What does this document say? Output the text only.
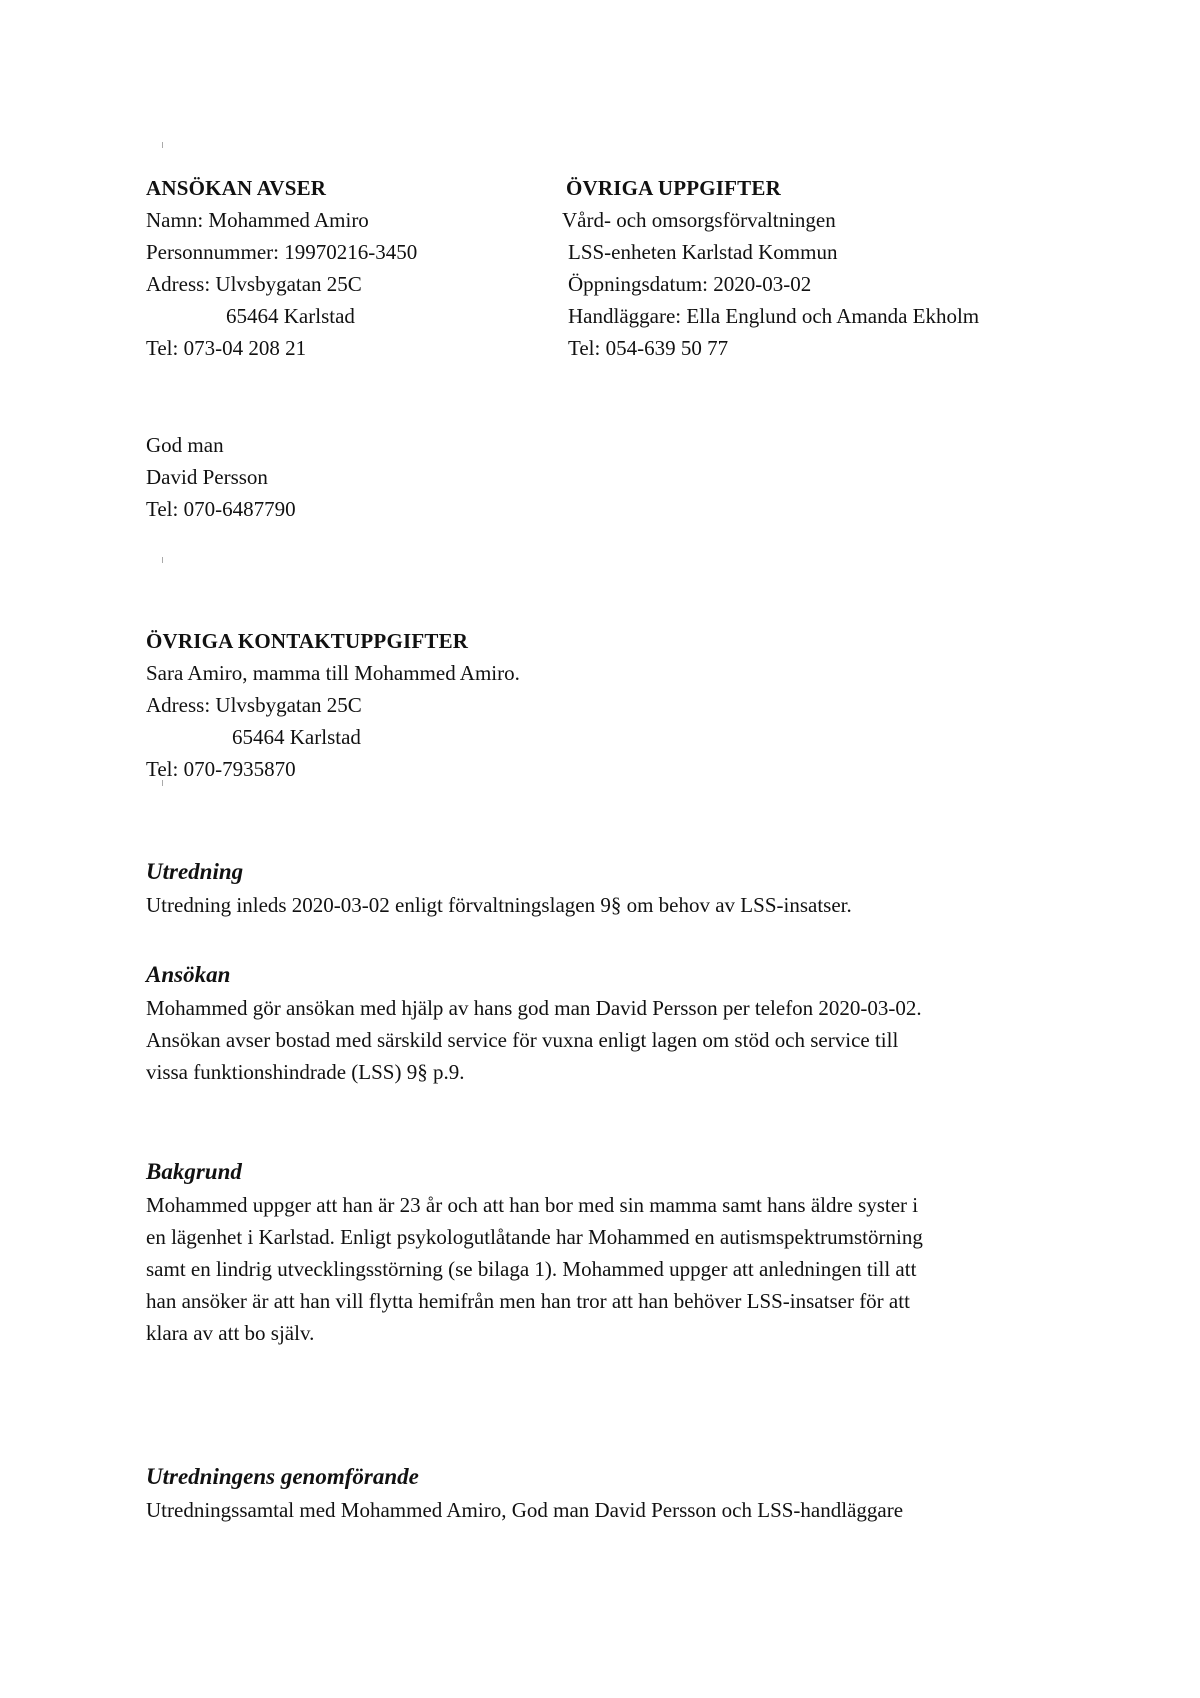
ANSÖKAN AVSER
Namn: Mohammed Amiro
Personnummer: 19970216-3450
Adress: Ulvsbygatan 25C
65464 Karlstad
Tel: 073-04 208 21
ÖVRIGA UPPGIFTER
Vård- och omsorgsförvaltningen
LSS-enheten Karlstad Kommun
Öppningsdatum: 2020-03-02
Handläggare: Ella Englund och Amanda Ekholm
Tel: 054-639 50 77
God man
David Persson
Tel: 070-6487790
ÖVRIGA KONTAKTUPPGIFTER
Sara Amiro, mamma till Mohammed Amiro.
Adress: Ulvsbygatan 25C
65464 Karlstad
Tel: 070-7935870
Utredning
Utredning inleds 2020-03-02 enligt förvaltningslagen 9§ om behov av LSS-insatser.
Ansökan
Mohammed gör ansökan med hjälp av hans god man David Persson per telefon 2020-03-02.
Ansökan avser bostad med särskild service för vuxna enligt lagen om stöd och service till
vissa funktionshindrade (LSS) 9§ p.9.
Bakgrund
Mohammed uppger att han är 23 år och att han bor med sin mamma samt hans äldre syster i
en lägenhet i Karlstad. Enligt psykologutlåtande har Mohammed en autismspektrumstörning
samt en lindrig utvecklingsstörning (se bilaga 1). Mohammed uppger att anledningen till att
han ansöker är att han vill flytta hemifrån men han tror att han behöver LSS-insatser för att
klara av att bo själv.
Utredningens genomförande
Utredningssamtal med Mohammed Amiro, God man David Persson och LSS-handläggare
